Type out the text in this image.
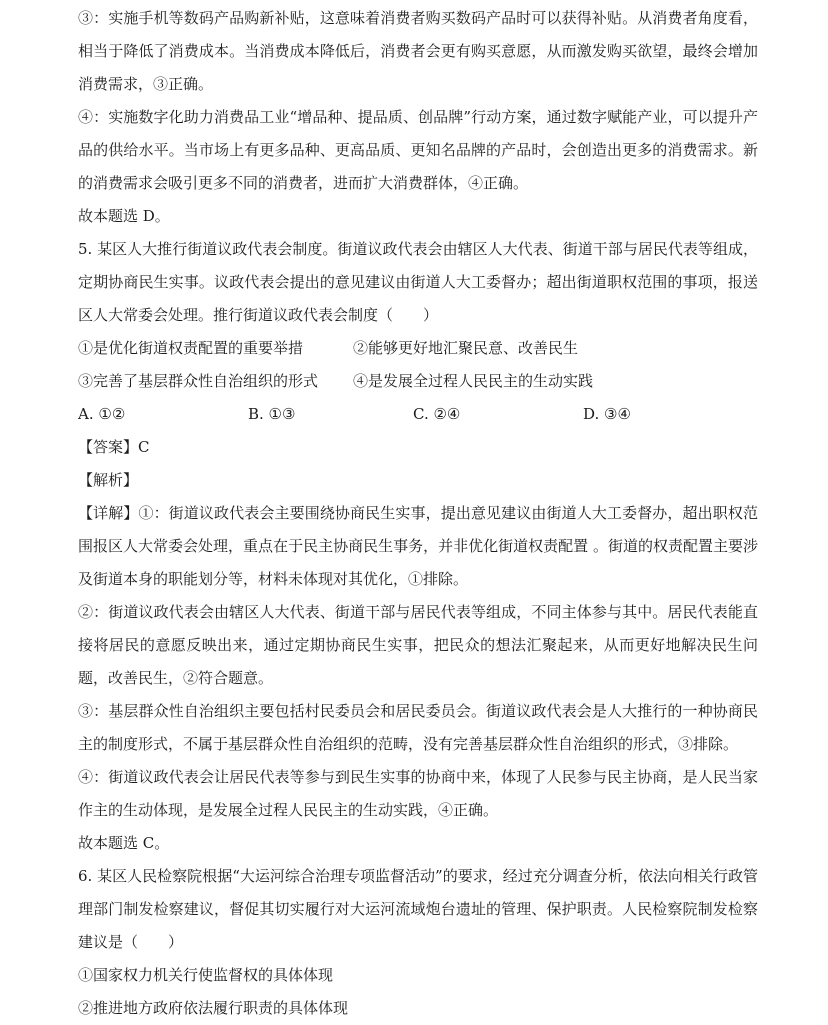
③：实施手机等数码产品购新补贴，这意味着消费者购买数码产品时可以获得补贴。从消费者角度看，相当于降低了消费成本。当消费成本降低后，消费者会更有购买意愿，从而激发购买欲望，最终会增加消费需求，③正确。

④：实施数字化助力消费品工业“增品种、提品质、创品牌”行动方案，通过数字赋能产业，可以提升产品的供给水平。当市场上有更多品种、更高品质、更知名品牌的产品时，会创造出更多的消费需求。新的消费需求会吸引更多不同的消费者，进而扩大消费群体，④正确。

故本题选 D。

5. 某区人大推行街道议政代表会制度。街道议政代表会由辖区人大代表、街道干部与居民代表等组成，定期协商民生实事。议政代表会提出的意见建议由街道人大工委督办；超出街道职权范围的事项，报送区人大常委会处理。推行街道议政代表会制度（　　）

①是优化街道权责配置的重要举措	②能够更好地汇聚民意、改善民生
③完善了基层群众性自治组织的形式	④是发展全过程人民民主的生动实践
A. ①②	B. ①③	C. ②④	D. ③④

【答案】C

【解析】

【详解】①：街道议政代表会主要围绕协商民生实事，提出意见建议由街道人大工委督办，超出职权范围报区人大常委会处理，重点在于民主协商民生事务，并非优化街道权责配置 。街道的权责配置主要涉及街道本身的职能划分等，材料未体现对其优化，①排除。

②：街道议政代表会由辖区人大代表、街道干部与居民代表等组成，不同主体参与其中。居民代表能直接将居民的意愿反映出来，通过定期协商民生实事，把民众的想法汇聚起来，从而更好地解决民生问题，改善民生，②符合题意。

③：基层群众性自治组织主要包括村民委员会和居民委员会。街道议政代表会是人大推行的一种协商民主的制度形式，不属于基层群众性自治组织的范畴，没有完善基层群众性自治组织的形式，③排除。

④：街道议政代表会让居民代表等参与到民生实事的协商中来，体现了人民参与民主协商，是人民当家作主的生动体现，是发展全过程人民民主的生动实践，④正确。

故本题选 C。

6. 某区人民检察院根据“大运河综合治理专项监督活动”的要求，经过充分调查分析，依法向相关行政管理部门制发检察建议，督促其切实履行对大运河流域炮台遗址的管理、保护职责。人民检察院制发检察建议是（　　）

①国家权力机关行使监督权的具体体现

②推进地方政府依法履行职责的具体体现
